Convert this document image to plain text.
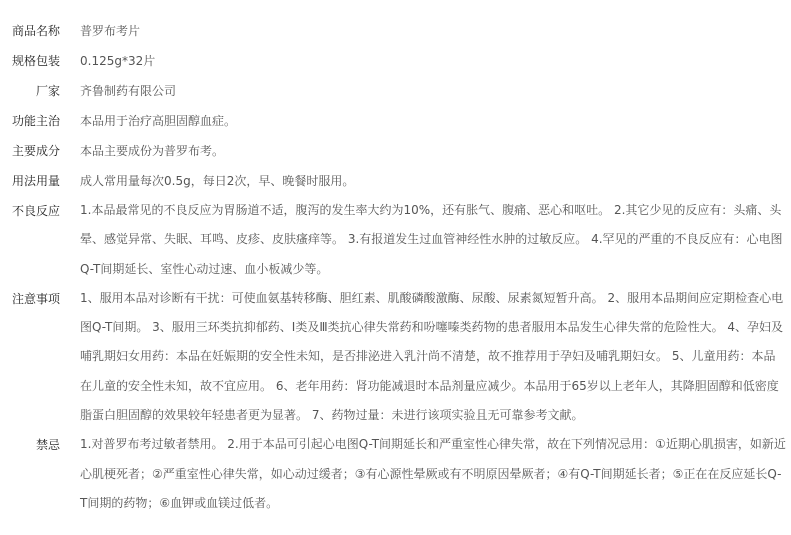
商品名称 普罗布考片
规格包装 0.125g*32片
厂家 齐鲁制药有限公司
功能主治 本品用于治疗高胆固醇血症。
主要成分 本品主要成份为普罗布考。
用法用量 成人常用量每次0.5g，每日2次，早、晚餐时服用。
不良反应 1.本品最常见的不良反应为胃肠道不适，腹泻的发生率大约为10%，还有胀气、腹痛、恶心和呕吐。 2.其它少见的反应有：头痛、头晕、感觉异常、失眠、耳鸣、皮疹、皮肤瘙痒等。 3.有报道发生过血管神经性水肿的过敏反应。 4.罕见的严重的不良反应有：心电图Q-T间期延长、室性心动过速、血小板减少等。
注意事项 1、服用本品对诊断有干扰：可使血氨基转移酶、胆红素、肌酸磷酸激酶、尿酸、尿素氮短暂升高。 2、服用本品期间应定期检查心电图Q-T间期。 3、服用三环类抗抑郁药、Ⅰ类及Ⅲ类抗心律失常药和吩噻嗪类药物的患者服用本品发生心律失常的危险性大。 4、孕妇及哺乳期妇女用药：本品在妊娠期的安全性未知，是否排泌进入乳汁尚不清楚，故不推荐用于孕妇及哺乳期妇女。 5、儿童用药：本品在儿童的安全性未知，故不宜应用。 6、老年用药：肾功能减退时本品剂量应减少。本品用于65岁以上老年人，其降胆固醇和低密度脂蛋白胆固醇的效果较年轻患者更为显著。 7、药物过量：未进行该项实验且无可靠参考文献。
禁忌 1.对普罗布考过敏者禁用。 2.用于本品可引起心电图Q-T间期延长和严重室性心律失常，故在下列情况忌用：①近期心肌损害，如新近心肌梗死者；②严重室性心律失常，如心动过缓者；③有心源性晕厥或有不明原因晕厥者；④有Q-T间期延长者；⑤正在在反应延长Q-T间期的药物；⑥血钾或血镁过低者。
